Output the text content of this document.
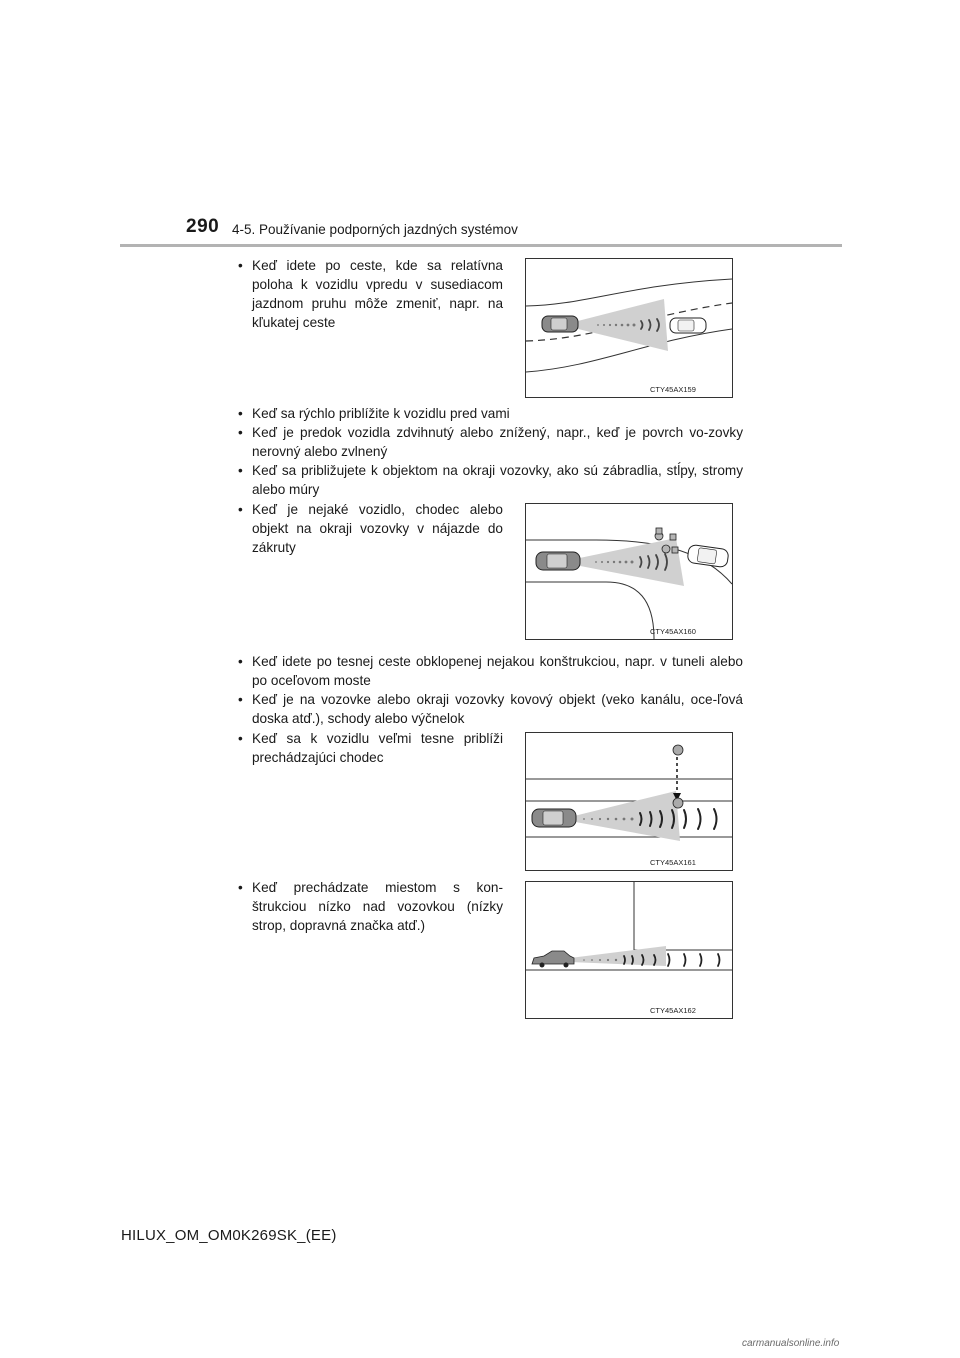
290 4-5. Používanie podporných jazdných systémov
• Keď idete po ceste, kde sa relatívna poloha k vozidlu vpredu v susediacom jazdnom pruhu môže zmeniť, napr. na kľukatej ceste
CTY45AX159
• Keď sa rýchlo priblížite k vozidlu pred vami
• Keď je predok vozidla zdvihnutý alebo znížený, napr., keď je povrch vo-zovky nerovný alebo zvlnený
• Keď sa približujete k objektom na okraji vozovky, ako sú zábradlia, stĺpy, stromy alebo múry
• Keď je nejaké vozidlo, chodec alebo objekt na okraji vozovky v nájazde do zákruty
CTY45AX160
• Keď idete po tesnej ceste obklopenej nejakou konštrukciou, napr. v tuneli alebo po oceľovom moste
• Keď je na vozovke alebo okraji vozovky kovový objekt (veko kanálu, oce-ľová doska atď.), schody alebo výčnelok
• Keď sa k vozidlu veľmi tesne priblíži prechádzajúci chodec
CTY45AX161
• Keď prechádzate miestom s kon-štrukciou nízko nad vozovkou (nízky strop, dopravná značka atď.)
CTY45AX162
HILUX_OM_OM0K269SK_(EE)
carmanualsonline.info
